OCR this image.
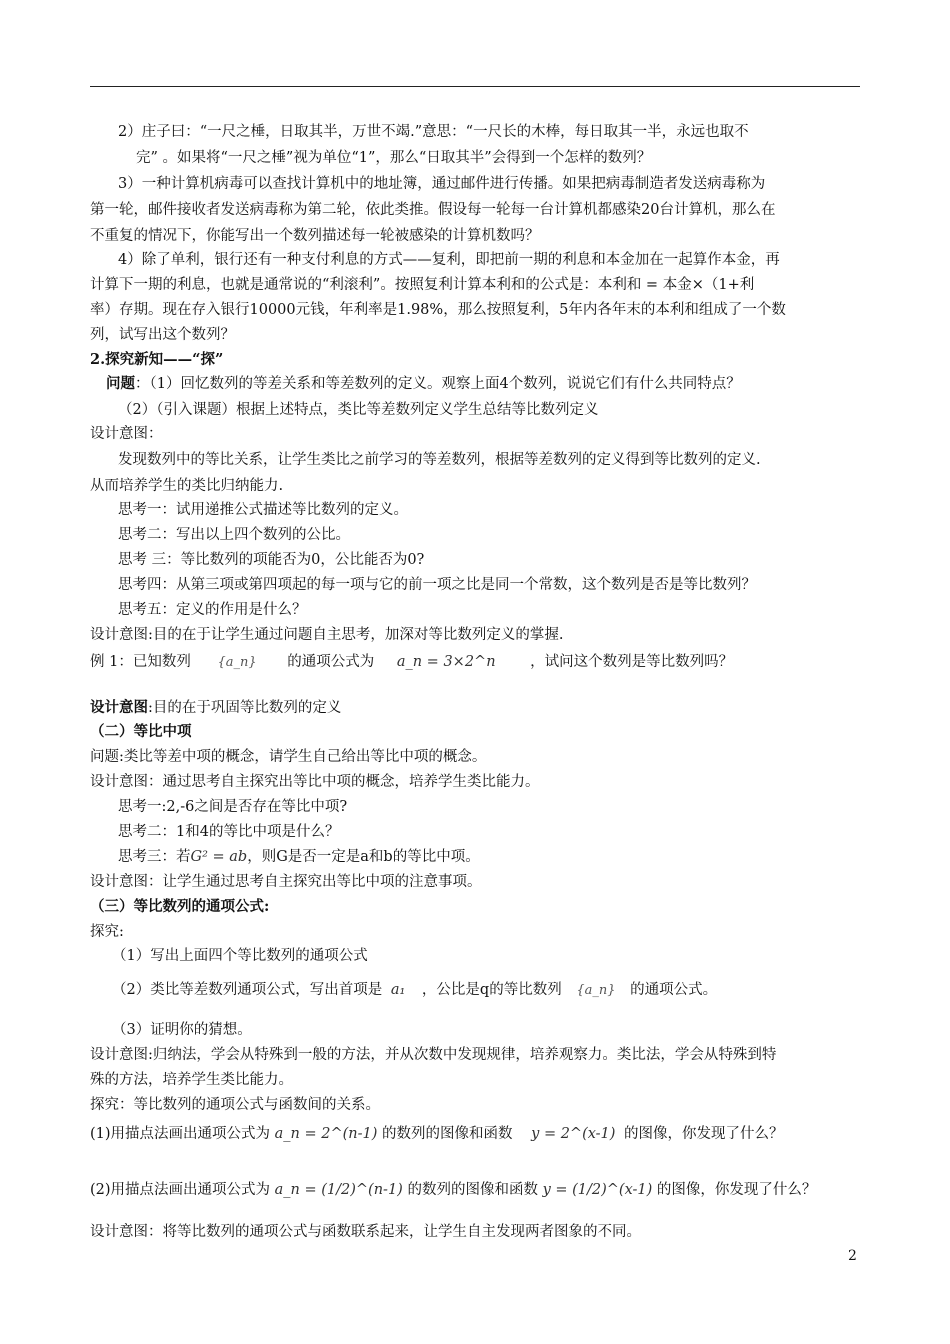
2）庄子曰：“一尺之棰，日取其半，万世不竭.”意思：“一尺长的木棒，每日取其一半，永远也取不
完” 。如果将“一尺之棰”视为单位“1”，那么“日取其半”会得到一个怎样的数列？
3）一种计算机病毒可以查找计算机中的地址簿，通过邮件进行传播。如果把病毒制造者发送病毒称为
第一轮，邮件接收者发送病毒称为第二轮，依此类推。假设每一轮每一台计算机都感染20台计算机，那么在
不重复的情况下，你能写出一个数列描述每一轮被感染的计算机数吗？
4）除了单利，银行还有一种支付利息的方式——复利，即把前一期的利息和本金加在一起算作本金，再
计算下一期的利息，也就是通常说的“利滚利”。按照复利计算本利和的公式是：本利和 = 本金×（1+利
率）存期。现在存入银行10000元钱，年利率是1.98%，那么按照复利，5年内各年末的本利和组成了一个数
列，试写出这个数列？
2.探究新知——“探”
问题：（1）回忆数列的等差关系和等差数列的定义。观察上面4个数列，说说它们有什么共同特点？
（2）（引入课题）根据上述特点，类比等差数列定义学生总结等比数列定义
设计意图：
发现数列中的等比关系，让学生类比之前学习的等差数列，根据等差数列的定义得到等比数列的定义.
从而培养学生的类比归纳能力.
思考一：试用递推公式描述等比数列的定义。
思考二：写出以上四个数列的公比。
思考 三：等比数列的项能否为0，公比能否为0?
思考四：从第三项或第四项起的每一项与它的前一项之比是同一个常数，这个数列是否是等比数列？
思考五：定义的作用是什么？
设计意图:目的在于让学生通过问题自主思考，加深对等比数列定义的掌握.
例 1：已知数列 {a_n} 的通项公式为 a_n = 3×2^n ，试问这个数列是等比数列吗？
设计意图:目的在于巩固等比数列的定义
（二）等比中项
问题:类比等差中项的概念，请学生自己给出等比中项的概念。
设计意图：通过思考自主探究出等比中项的概念，培养学生类比能力。
思考一:2,-6之间是否存在等比中项?
思考二：1和4的等比中项是什么？
思考三：若G² = ab，则G是否一定是a和b的等比中项。
设计意图：让学生通过思考自主探究出等比中项的注意事项。
（三）等比数列的通项公式:
探究:
（1）写出上面四个等比数列的通项公式
（2）类比等差数列通项公式，写出首项是 a₁ ，公比是q的等比数列 {a_n} 的通项公式。
（3）证明你的猜想。
设计意图:归纳法，学会从特殊到一般的方法，并从次数中发现规律，培养观察力。类比法，学会从特殊到特
殊的方法，培养学生类比能力。
探究：等比数列的通项公式与函数间的关系。
(1)用描点法画出通项公式为 a_n = 2^(n-1) 的数列的图像和函数 y = 2^(x-1) 的图像，你发现了什么？
(2)用描点法画出通项公式为 a_n = (1/2)^(n-1) 的数列的图像和函数 y = (1/2)^(x-1) 的图像，你发现了什么？
设计意图：将等比数列的通项公式与函数联系起来，让学生自主发现两者图象的不同。
2
